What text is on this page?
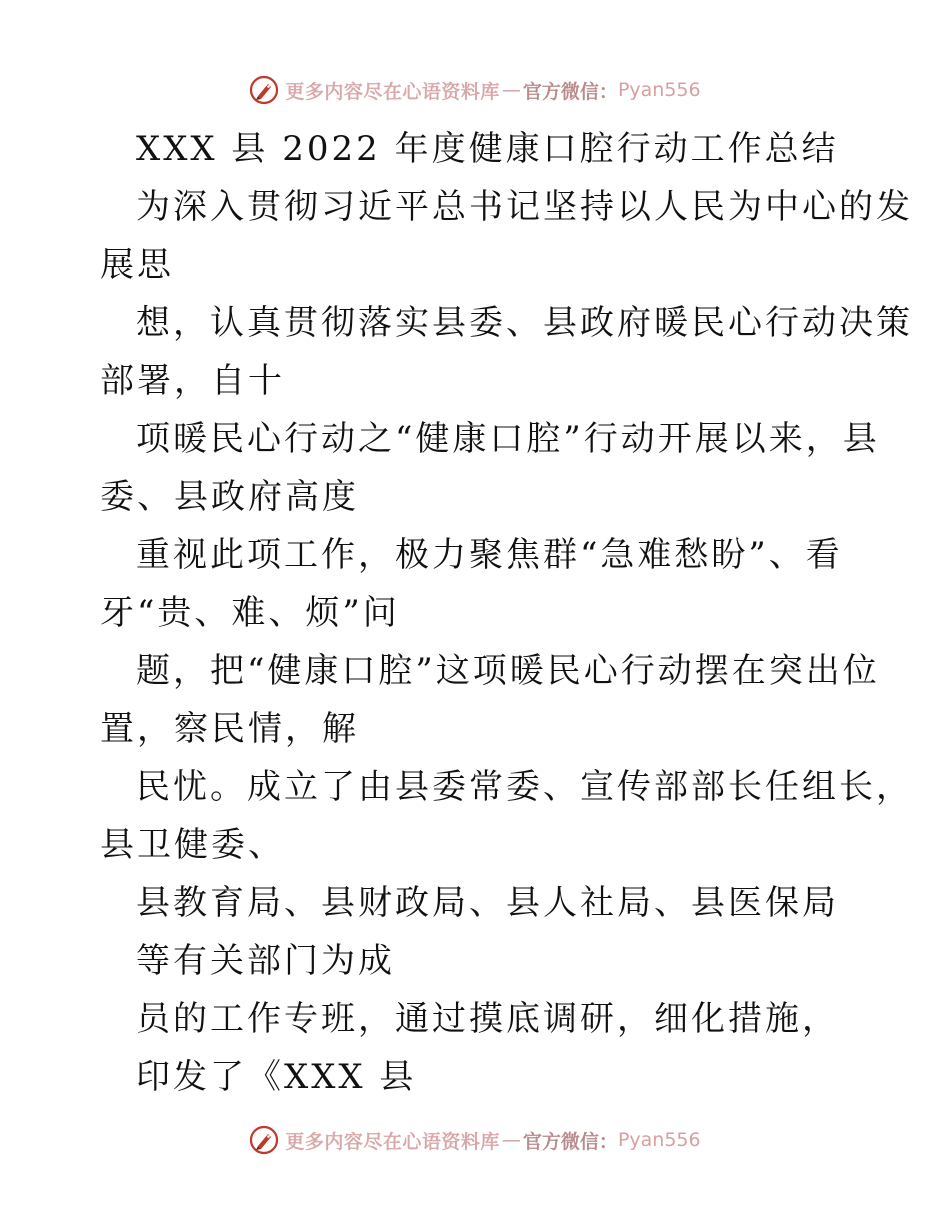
更多内容尽在心语资料库 — 官方微信： Pyan556
XXX 县 2022 年度健康口腔行动工作总结
为深入贯彻习近平总书记坚持以人民为中心的发
展思
想，认真贯彻落实县委、县政府暖民心行动决策
部署，自十
项暖民心行动之“健康口腔”行动开展以来，县
委、县政府高度
重视此项工作，极力聚焦群“急难愁盼”、看
牙“贵、难、烦”问
题，把“健康口腔”这项暖民心行动摆在突出位
置，察民情，解
民忧。成立了由县委常委、宣传部部长任组长，
县卫健委、
县教育局、县财政局、县人社局、县医保局
等有关部门为成
员的工作专班，通过摸底调研，细化措施，
印发了《XXX 县
更多内容尽在心语资料库 — 官方微信： Pyan556
